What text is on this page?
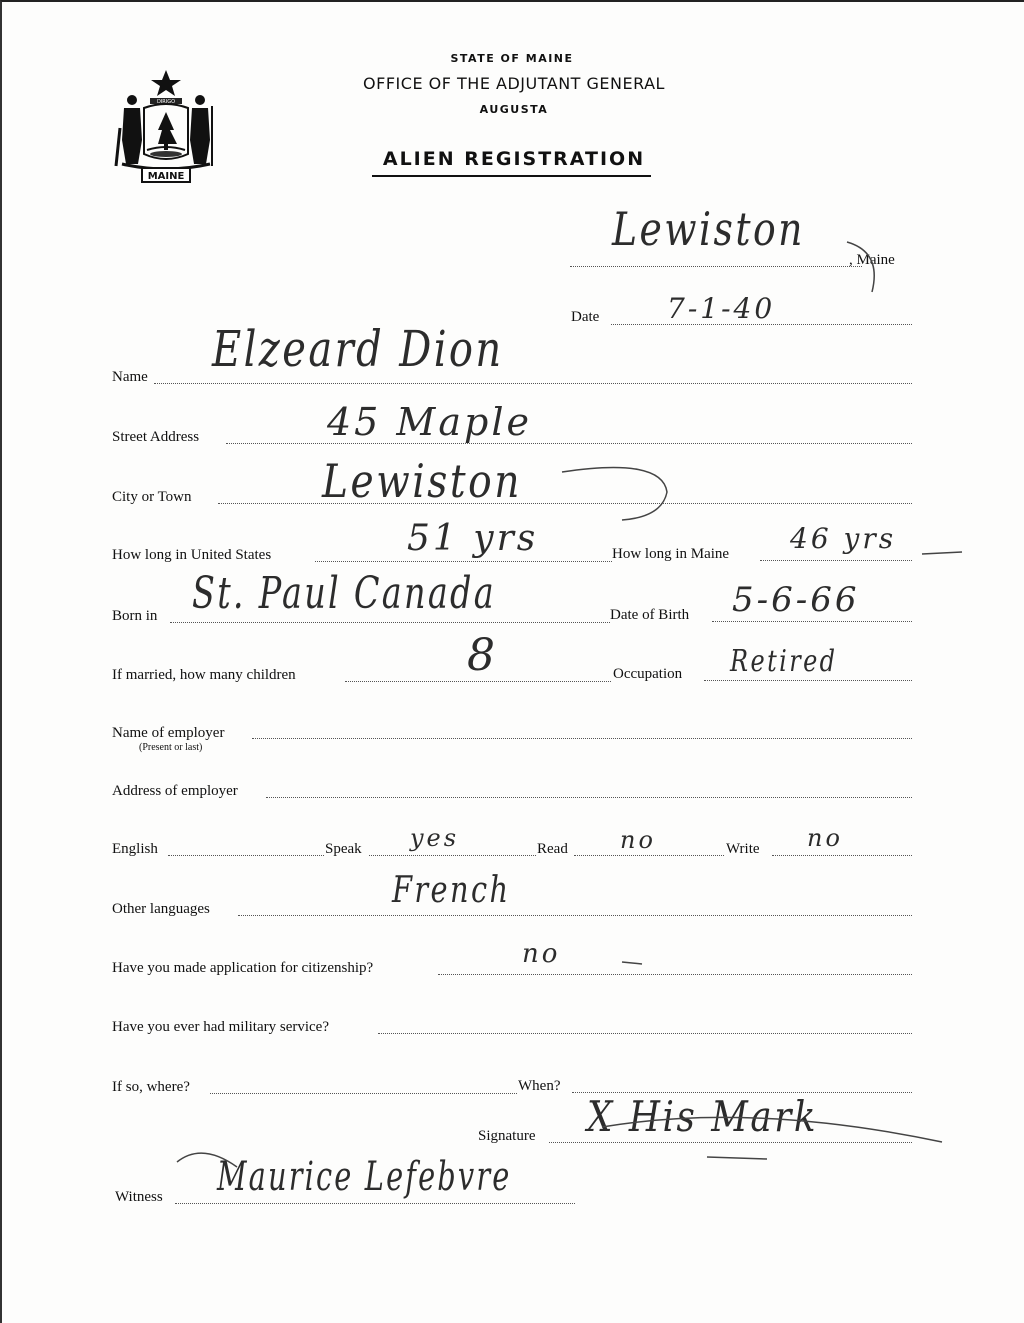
DIRIGO
MAINE
STATE OF MAINE
OFFICE OF THE ADJUTANT GENERAL
AUGUSTA
ALIEN REGISTRATION
, Maine
Lewiston
Date 7-1-40
Name Elzeard Dion
Street Address	45 Maple
City or Town	Lewiston
How long in United States	51 yrs	How long in Maine 46 yrs
Born in St. Paul Canada	Date of Birth 5-6-66
If married, how many children	8	Occupation Retired
Name of employer
(Present or last)
Address of employer
English	Speak yes	Read no	Write no
Other languages	French
Have you made application for citizenship?	no
Have you ever had military service?
If so, where?	When?
Signature X His Mark
Witness Maurice Lefebvre
